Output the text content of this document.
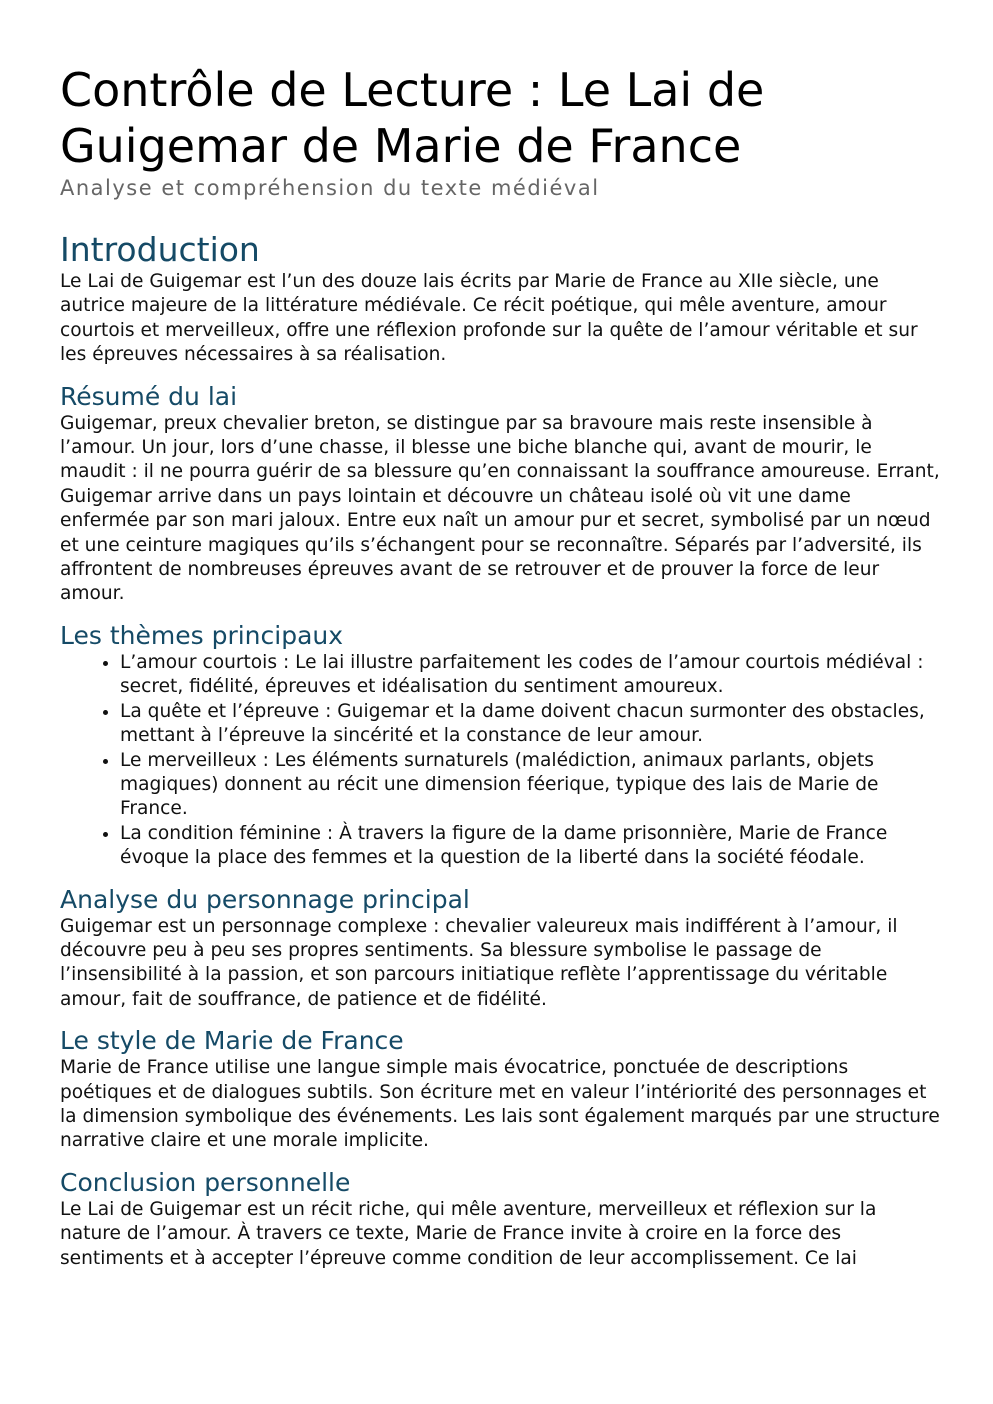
Contrôle de Lecture : Le Lai de Guigemar de Marie de France
Analyse et compréhension du texte médiéval
Introduction

Le Lai de Guigemar est l’un des douze lais écrits par Marie de France au XIIe siècle, une autrice majeure de la littérature médiévale. Ce récit poétique, qui mêle aventure, amour courtois et merveilleux, offre une réflexion profonde sur la quête de l’amour véritable et sur les épreuves nécessaires à sa réalisation.

Résumé du lai

Guigemar, preux chevalier breton, se distingue par sa bravoure mais reste insensible à l’amour. Un jour, lors d’une chasse, il blesse une biche blanche qui, avant de mourir, le maudit : il ne pourra guérir de sa blessure qu’en connaissant la souffrance amoureuse. Errant, Guigemar arrive dans un pays lointain et découvre un château isolé où vit une dame enfermée par son mari jaloux. Entre eux naît un amour pur et secret, symbolisé par un nœud et une ceinture magiques qu’ils s’échangent pour se reconnaître. Séparés par l’adversité, ils affrontent de nombreuses épreuves avant de se retrouver et de prouver la force de leur amour.

Les thèmes principaux
• L’amour courtois : Le lai illustre parfaitement les codes de l’amour courtois médiéval : secret, fidélité, épreuves et idéalisation du sentiment amoureux.
• La quête et l’épreuve : Guigemar et la dame doivent chacun surmonter des obstacles, mettant à l’épreuve la sincérité et la constance de leur amour.
• Le merveilleux : Les éléments surnaturels (malédiction, animaux parlants, objets magiques) donnent au récit une dimension féerique, typique des lais de Marie de France.
• La condition féminine : À travers la figure de la dame prisonnière, Marie de France évoque la place des femmes et la question de la liberté dans la société féodale.
Analyse du personnage principal

Guigemar est un personnage complexe : chevalier valeureux mais indifférent à l’amour, il découvre peu à peu ses propres sentiments. Sa blessure symbolise le passage de l’insensibilité à la passion, et son parcours initiatique reflète l’apprentissage du véritable amour, fait de souffrance, de patience et de fidélité.

Le style de Marie de France

Marie de France utilise une langue simple mais évocatrice, ponctuée de descriptions poétiques et de dialogues subtils. Son écriture met en valeur l’intériorité des personnages et la dimension symbolique des événements. Les lais sont également marqués par une structure narrative claire et une morale implicite.

Conclusion personnelle

Le Lai de Guigemar est un récit riche, qui mêle aventure, merveilleux et réflexion sur la nature de l’amour. À travers ce texte, Marie de France invite à croire en la force des sentiments et à accepter l’épreuve comme condition de leur accomplissement. Ce lai
